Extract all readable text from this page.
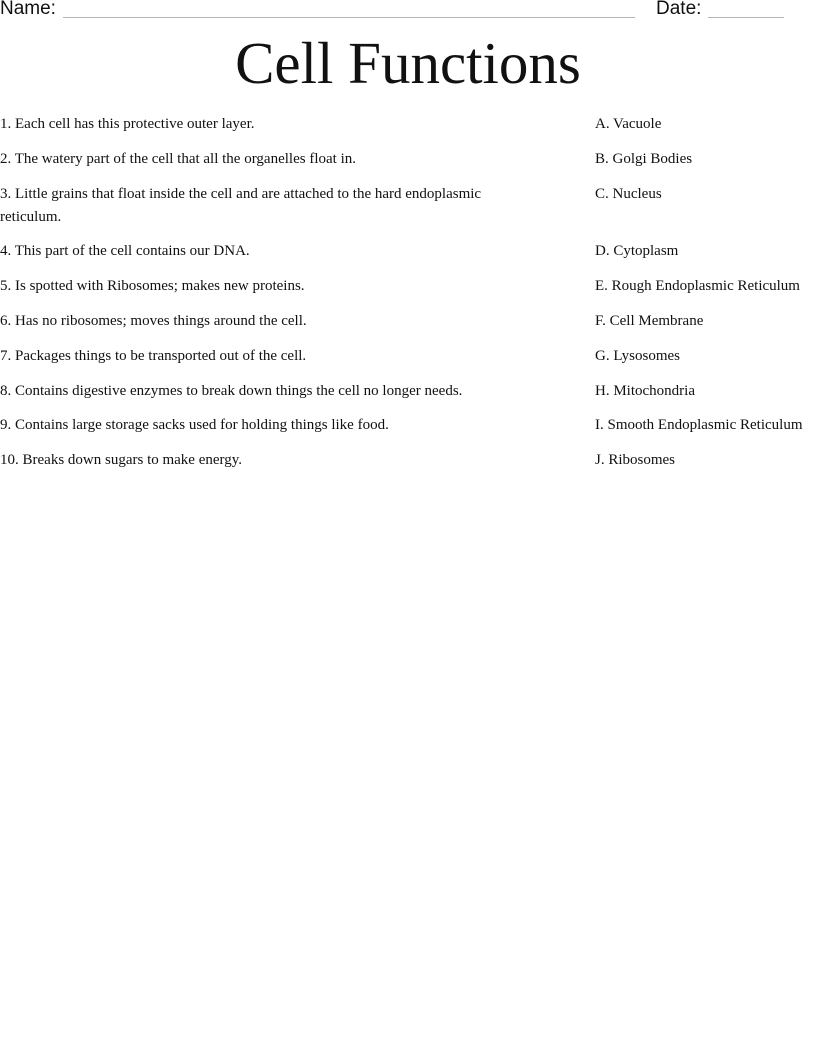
Name:	Date:
Cell Functions
1. Each cell has this protective outer layer.
2. The watery part of the cell that all the organelles float in.
3. Little grains that float inside the cell and are attached to the hard endoplasmic reticulum.
4. This part of the cell contains our DNA.
5. Is spotted with Ribosomes; makes new proteins.
6. Has no ribosomes; moves things around the cell.
7. Packages things to be transported out of the cell.
8. Contains digestive enzymes to break down things the cell no longer needs.
9. Contains large storage sacks used for holding things like food.
10. Breaks down sugars to make energy.
A. Vacuole
B. Golgi Bodies
C. Nucleus
D. Cytoplasm
E. Rough Endoplasmic Reticulum
F. Cell Membrane
G. Lysosomes
H. Mitochondria
I. Smooth Endoplasmic Reticulum
J. Ribosomes
